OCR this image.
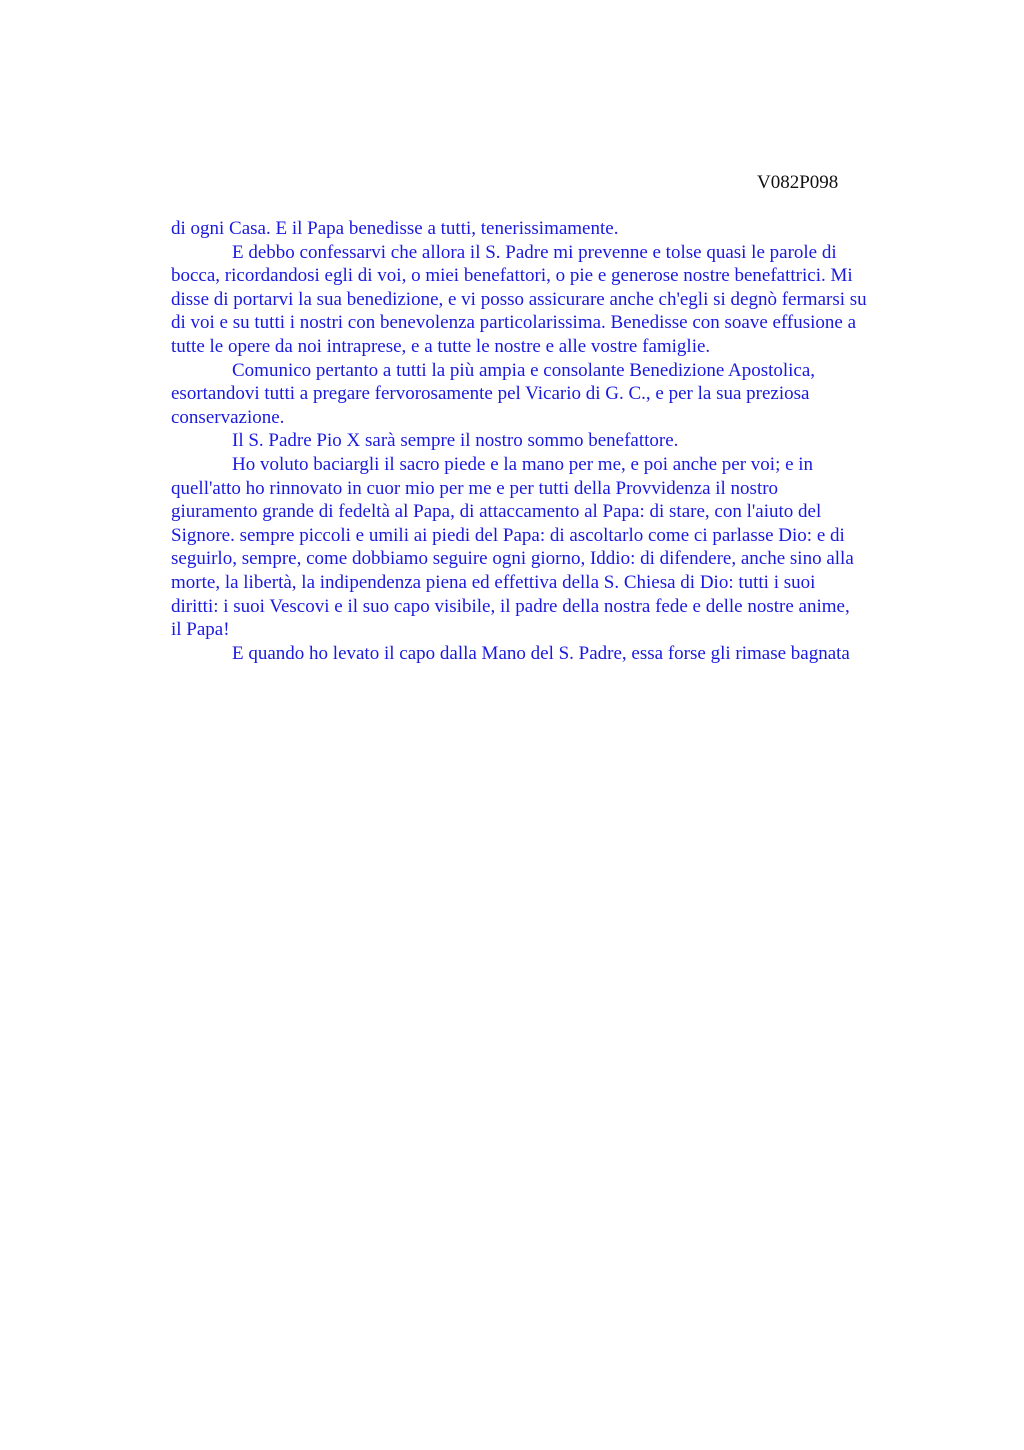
V082P098
di ogni Casa. E il Papa benedisse a tutti, tenerissimamente.
E debbo confessarvi che allora il S. Padre mi prevenne e tolse quasi le parole di
bocca, ricordandosi egli di voi, o miei benefattori, o pie e generose nostre benefattrici. Mi
disse di portarvi la sua benedizione, e vi posso assicurare anche ch'egli si degnò fermarsi su
di voi e su tutti i nostri con benevolenza particolarissima. Benedisse con soave effusione a
tutte le opere da noi intraprese, e a tutte le nostre e alle vostre famiglie.
Comunico pertanto a tutti la più ampia e consolante Benedizione Apostolica,
esortandovi tutti a pregare fervorosamente pel Vicario di G. C., e per la sua preziosa
conservazione.
Il S. Padre Pio X sarà sempre il nostro sommo benefattore.
Ho voluto baciargli il sacro piede e la mano per me, e poi anche per voi; e in
quell'atto ho rinnovato in cuor mio per me e per tutti della Provvidenza il nostro
giuramento grande di fedeltà al Papa, di attaccamento al Papa: di stare, con l'aiuto del
Signore. sempre piccoli e umili ai piedi del Papa: di ascoltarlo come ci parlasse Dio: e di
seguirlo, sempre, come dobbiamo seguire ogni giorno, Iddio: di difendere, anche sino alla
morte, la libertà, la indipendenza piena ed effettiva della S. Chiesa di Dio: tutti i suoi
diritti: i suoi Vescovi e il suo capo visibile, il padre della nostra fede e delle nostre anime,
il Papa!
E quando ho levato il capo dalla Mano del S. Padre, essa forse gli rimase bagnata
